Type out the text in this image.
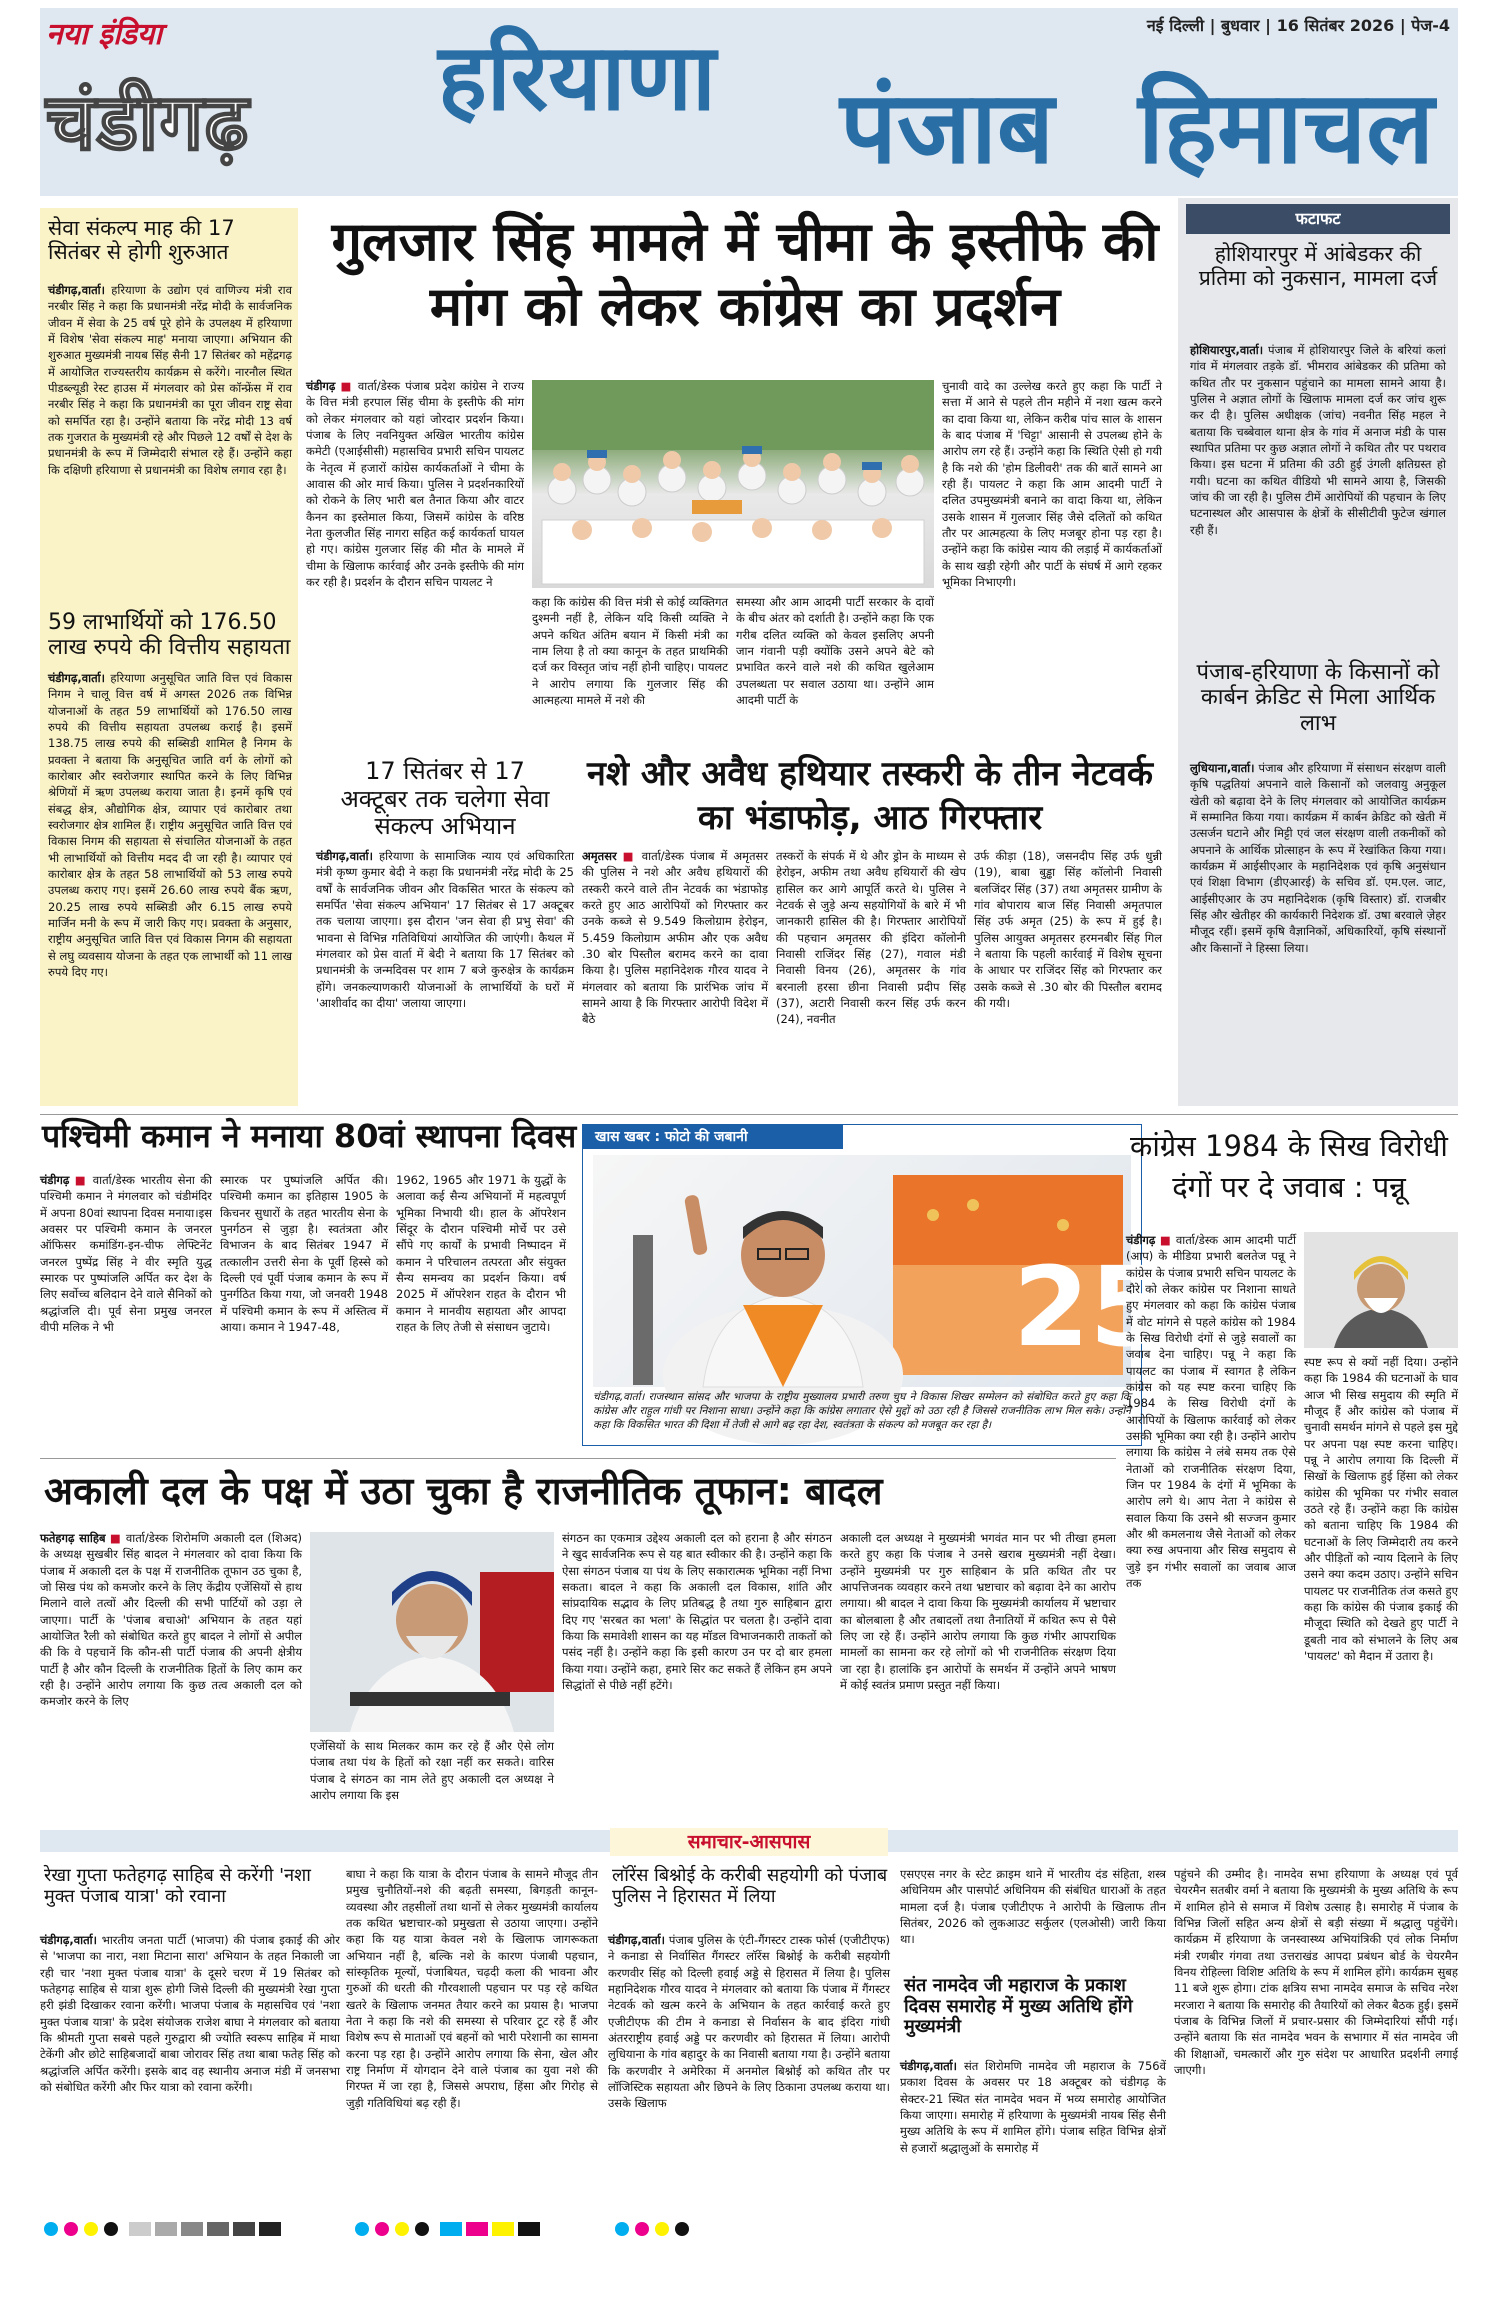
नया इंडिया
चंडीगढ़
नई दिल्ली | बुधवार | 16 सितंबर 2026 | पेज-4
हरियाणा पंजाब हिमाचल
सेवा संकल्प माह की 17 सितंबर से होगी शुरुआत
चंडीगढ़,वार्ता। हरियाणा के उद्योग एवं वाणिज्य मंत्री राव नरबीर सिंह ने कहा कि प्रधानमंत्री नरेंद्र मोदी के सार्वजनिक जीवन में सेवा के 25 वर्ष पूरे होने के उपलक्ष्य में हरियाणा में विशेष 'सेवा संकल्प माह' मनाया जाएगा। अभियान की शुरुआत मुख्यमंत्री नायब सिंह सैनी 17 सितंबर को महेंद्रगढ़ में आयोजित राज्यस्तरीय कार्यक्रम से करेंगे। नारनौल स्थित पीडब्ल्यूडी रेस्ट हाउस में मंगलवार को प्रेस कॉन्फ्रेंस में राव नरबीर सिंह ने कहा कि प्रधानमंत्री का पूरा जीवन राष्ट्र सेवा को समर्पित रहा है। उन्होंने बताया कि नरेंद्र मोदी 13 वर्ष तक गुजरात के मुख्यमंत्री रहे और पिछले 12 वर्षों से देश के प्रधानमंत्री के रूप में जिम्मेदारी संभाल रहे हैं। उन्होंने कहा कि दक्षिणी हरियाणा से प्रधानमंत्री का विशेष लगाव रहा है।
59 लाभार्थियों को 176.50 लाख रुपये की वित्तीय सहायता
चंडीगढ़,वार्ता। हरियाणा अनुसूचित जाति वित्त एवं विकास निगम ने चालू वित्त वर्ष में अगस्त 2026 तक विभिन्न योजनाओं के तहत 59 लाभार्थियों को 176.50 लाख रुपये की वित्तीय सहायता उपलब्ध कराई है। इसमें 138.75 लाख रुपये की सब्सिडी शामिल है निगम के प्रवक्ता ने बताया कि अनुसूचित जाति वर्ग के लोगों को कारोबार और स्वरोजगार स्थापित करने के लिए विभिन्न श्रेणियों में ऋण उपलब्ध कराया जाता है। इनमें कृषि एवं संबद्ध क्षेत्र, औद्योगिक क्षेत्र, व्यापार एवं कारोबार तथा स्वरोजगार क्षेत्र शामिल हैं। राष्ट्रीय अनुसूचित जाति वित्त एवं विकास निगम की सहायता से संचालित योजनाओं के तहत भी लाभार्थियों को वित्तीय मदद दी जा रही है। व्यापार एवं कारोबार क्षेत्र के तहत 58 लाभार्थियों को 53 लाख रुपये उपलब्ध कराए गए। इसमें 26.60 लाख रुपये बैंक ऋण, 20.25 लाख रुपये सब्सिडी और 6.15 लाख रुपये मार्जिन मनी के रूप में जारी किए गए। प्रवक्ता के अनुसार, राष्ट्रीय अनुसूचित जाति वित्त एवं विकास निगम की सहायता से लघु व्यवसाय योजना के तहत एक लाभार्थी को 11 लाख रुपये दिए गए।
गुलजार सिंह मामले में चीमा के इस्तीफे की मांग को लेकर कांग्रेस का प्रदर्शन
चंडीगढ़ ■ वार्ता/डेस्क पंजाब प्रदेश कांग्रेस ने राज्य के वित्त मंत्री हरपाल सिंह चीमा के इस्तीफे की मांग को लेकर मंगलवार को यहां जोरदार प्रदर्शन किया। पंजाब के लिए नवनियुक्त अखिल भारतीय कांग्रेस कमेटी (एआईसीसी) महासचिव प्रभारी सचिन पायलट के नेतृत्व में हजारों कांग्रेस कार्यकर्ताओं ने चीमा के आवास की ओर मार्च किया। पुलिस ने प्रदर्शनकारियों को रोकने के लिए भारी बल तैनात किया और वाटर कैनन का इस्तेमाल किया, जिसमें कांग्रेस के वरिष्ठ नेता कुलजीत सिंह नागरा सहित कई कार्यकर्ता घायल हो गए। कांग्रेस गुलजार सिंह की मौत के मामले में चीमा के खिलाफ कार्रवाई और उनके इस्तीफे की मांग कर रही है। प्रदर्शन के दौरान सचिन पायलट ने
कहा कि कांग्रेस की वित्त मंत्री से कोई व्यक्तिगत दुश्मनी नहीं है, लेकिन यदि किसी व्यक्ति ने अपने कथित अंतिम बयान में किसी मंत्री का नाम लिया है तो क्या कानून के तहत प्राथमिकी दर्ज कर विस्तृत जांच नहीं होनी चाहिए। पायलट ने आरोप लगाया कि गुलजार सिंह की आत्महत्या मामले में नशे की
समस्या और आम आदमी पार्टी सरकार के दावों के बीच अंतर को दर्शाती है। उन्होंने कहा कि एक गरीब दलित व्यक्ति को केवल इसलिए अपनी जान गंवानी पड़ी क्योंकि उसने अपने बेटे को प्रभावित करने वाले नशे की कथित खुलेआम उपलब्धता पर सवाल उठाया था। उन्होंने आम आदमी पार्टी के
चुनावी वादे का उल्लेख करते हुए कहा कि पार्टी ने सत्ता में आने से पहले तीन महीने में नशा खत्म करने का दावा किया था, लेकिन करीब पांच साल के शासन के बाद पंजाब में 'चिट्टा' आसानी से उपलब्ध होने के आरोप लग रहे हैं। उन्होंने कहा कि स्थिति ऐसी हो गयी है कि नशे की 'होम डिलीवरी' तक की बातें सामने आ रही हैं। पायलट ने कहा कि आम आदमी पार्टी ने दलित उपमुख्यमंत्री बनाने का वादा किया था, लेकिन उसके शासन में गुलजार सिंह जैसे दलितों को कथित तौर पर आत्महत्या के लिए मजबूर होना पड़ रहा है। उन्होंने कहा कि कांग्रेस न्याय की लड़ाई में कार्यकर्ताओं के साथ खड़ी रहेगी और पार्टी के संघर्ष में आगे रहकर भूमिका निभाएगी।
17 सितंबर से 17 अक्टूबर तक चलेगा सेवा संकल्प अभियान
चंडीगढ़,वार्ता। हरियाणा के सामाजिक न्याय एवं अधिकारिता मंत्री कृष्ण कुमार बेदी ने कहा कि प्रधानमंत्री नरेंद्र मोदी के 25 वर्षों के सार्वजनिक जीवन और विकसित भारत के संकल्प को समर्पित 'सेवा संकल्प अभियान' 17 सितंबर से 17 अक्टूबर तक चलाया जाएगा। इस दौरान 'जन सेवा ही प्रभु सेवा' की भावना से विभिन्न गतिविधियां आयोजित की जाएंगी। कैथल में मंगलवार को प्रेस वार्ता में बेदी ने बताया कि 17 सितंबर को प्रधानमंत्री के जन्मदिवस पर शाम 7 बजे कुरुक्षेत्र के कार्यक्रम होंगे। जनकल्याणकारी योजनाओं के लाभार्थियों के घरों में 'आशीर्वाद का दीया' जलाया जाएगा।
नशे और अवैध हथियार तस्करी के तीन नेटवर्क का भंडाफोड़, आठ गिरफ्तार
अमृतसर ■ वार्ता/डेस्क पंजाब में अमृतसर की पुलिस ने नशे और अवैध हथियारों की तस्करी करने वाले तीन नेटवर्क का भंडाफोड़ करते हुए आठ आरोपियों को गिरफ्तार कर उनके कब्जे से 9.549 किलोग्राम हेरोइन, 5.459 किलोग्राम अफीम और एक अवैध .30 बोर पिस्तौल बरामद करने का दावा किया है। पुलिस महानिदेशक गौरव यादव ने मंगलवार को बताया कि प्रारंभिक जांच में सामने आया है कि गिरफ्तार आरोपी विदेश में बैठे
तस्करों के संपर्क में थे और ड्रोन के माध्यम से हेरोइन, अफीम तथा अवैध हथियारों की खेप हासिल कर आगे आपूर्ति करते थे। पुलिस ने नेटवर्क से जुड़े अन्य सहयोगियों के बारे में भी जानकारी हासिल की है। गिरफ्तार आरोपियों की पहचान अमृतसर की इंदिरा कॉलोनी निवासी राजिंदर सिंह (27), गवाल मंडी निवासी विनय (26), अमृतसर के गांव बरनाली हरसा छीना निवासी प्रदीप सिंह (37), अटारी निवासी करन सिंह उर्फ करन (24), नवनीत
उर्फ कीड़ा (18), जसनदीप सिंह उर्फ धुन्नी (19), बाबा बुड्ढा सिंह कॉलोनी निवासी बलजिंदर सिंह (37) तथा अमृतसर ग्रामीण के गांव बोपाराय बाज सिंह निवासी अमृतपाल सिंह उर्फ अमृत (25) के रूप में हुई है। पुलिस आयुक्त अमृतसर हरमनबीर सिंह गिल ने बताया कि पहली कार्रवाई में विशेष सूचना के आधार पर राजिंदर सिंह को गिरफ्तार कर उसके कब्जे से .30 बोर की पिस्तौल बरामद की गयी।
फटाफट
होशियारपुर में आंबेडकर की प्रतिमा को नुकसान, मामला दर्ज
होशियारपुर,वार्ता। पंजाब में होशियारपुर जिले के बरियां कलां गांव में मंगलवार तड़के डॉ. भीमराव आंबेडकर की प्रतिमा को कथित तौर पर नुकसान पहुंचाने का मामला सामने आया है। पुलिस ने अज्ञात लोगों के खिलाफ मामला दर्ज कर जांच शुरू कर दी है। पुलिस अधीक्षक (जांच) नवनीत सिंह महल ने बताया कि चब्बेवाल थाना क्षेत्र के गांव में अनाज मंडी के पास स्थापित प्रतिमा पर कुछ अज्ञात लोगों ने कथित तौर पर पथराव किया। इस घटना में प्रतिमा की उठी हुई उंगली क्षतिग्रस्त हो गयी। घटना का कथित वीडियो भी सामने आया है, जिसकी जांच की जा रही है। पुलिस टीमें आरोपियों की पहचान के लिए घटनास्थल और आसपास के क्षेत्रों के सीसीटीवी फुटेज खंगाल रही हैं।
पंजाब-हरियाणा के किसानों को कार्बन क्रेडिट से मिला आर्थिक लाभ
लुधियाना,वार्ता। पंजाब और हरियाणा में संसाधन संरक्षण वाली कृषि पद्धतियां अपनाने वाले किसानों को जलवायु अनुकूल खेती को बढ़ावा देने के लिए मंगलवार को आयोजित कार्यक्रम में सम्मानित किया गया। कार्यक्रम में कार्बन क्रेडिट को खेती में उत्सर्जन घटाने और मिट्टी एवं जल संरक्षण वाली तकनीकों को अपनाने के आर्थिक प्रोत्साहन के रूप में रेखांकित किया गया। कार्यक्रम में आईसीएआर के महानिदेशक एवं कृषि अनुसंधान एवं शिक्षा विभाग (डीएआरई) के सचिव डॉ. एम.एल. जाट, आईसीएआर के उप महानिदेशक (कृषि विस्तार) डॉ. राजबीर सिंह और खेतीहर की कार्यकारी निदेशक डॉ. उषा बरवाले ज़ेहर मौजूद रहीं। इसमें कृषि वैज्ञानिकों, अधिकारियों, कृषि संस्थानों और किसानों ने हिस्सा लिया।
पश्चिमी कमान ने मनाया 80वां स्थापना दिवस
चंडीगढ़ ■ वार्ता/डेस्क भारतीय सेना की पश्चिमी कमान ने मंगलवार को चंडीमंदिर में अपना 80वां स्थापना दिवस मनाया।इस अवसर पर पश्चिमी कमान के जनरल ऑफिसर कमांडिंग-इन-चीफ लेफ्टिनेंट जनरल पुष्पेंद्र सिंह ने वीर स्मृति युद्ध स्मारक पर पुष्पांजलि अर्पित कर देश के लिए सर्वोच्च बलिदान देने वाले सैनिकों को श्रद्धांजलि दी। पूर्व सेना प्रमुख जनरल वीपी मलिक ने भी
स्मारक पर पुष्पांजलि अर्पित की। पश्चिमी कमान का इतिहास 1905 के किचनर सुधारों के तहत भारतीय सेना के पुनर्गठन से जुड़ा है। स्वतंत्रता और विभाजन के बाद सितंबर 1947 में तत्कालीन उत्तरी सेना के पूर्वी हिस्से को दिल्ली एवं पूर्वी पंजाब कमान के रूप में पुनर्गठित किया गया, जो जनवरी 1948 में पश्चिमी कमान के रूप में अस्तित्व में आया। कमान ने 1947-48,
1962, 1965 और 1971 के युद्धों के अलावा कई सैन्य अभियानों में महत्वपूर्ण भूमिका निभायी थी। हाल के ऑपरेशन सिंदूर के दौरान पश्चिमी मोर्चे पर उसे सौंपे गए कार्यों के प्रभावी निष्पादन में कमान ने परिचालन तत्परता और संयुक्त सैन्य समन्वय का प्रदर्शन किया। वर्ष 2025 में ऑपरेशन राहत के दौरान भी कमान ने मानवीय सहायता और आपदा राहत के लिए तेजी से संसाधन जुटाये।
खास खबर : फोटो की जबानी
25
चंडीगढ़,वार्ता। राजस्थान सांसद और भाजपा के राष्ट्रीय मुख्यालय प्रभारी तरुण चुघ ने विकास शिखर सम्मेलन को संबोधित करते हुए कहा कि कांग्रेस और राहुल गांधी पर निशाना साधा। उन्होंने कहा कि कांग्रेस लगातार ऐसे मुद्दों को उठा रही है जिससे राजनीतिक लाभ मिल सके। उन्होंने कहा कि विकसित भारत की दिशा में तेजी से आगे बढ़ रहा देश, स्वतंत्रता के संकल्प को मजबूत कर रहा है।
कांग्रेस 1984 के सिख विरोधी दंगों पर दे जवाब : पन्नू
चंडीगढ़ ■ वार्ता/डेस्क आम आदमी पार्टी (आप) के मीडिया प्रभारी बलतेज पन्नू ने कांग्रेस के पंजाब प्रभारी सचिन पायलट के दौरे को लेकर कांग्रेस पर निशाना साधते हुए मंगलवार को कहा कि कांग्रेस पंजाब में वोट मांगने से पहले कांग्रेस को 1984 के सिख विरोधी दंगों से जुड़े सवालों का जवाब देना चाहिए। पन्नू ने कहा कि पायलट का पंजाब में स्वागत है लेकिन कांग्रेस को यह स्पष्ट करना चाहिए कि 1984 के सिख विरोधी दंगों के आरोपियों के खिलाफ कार्रवाई को लेकर उसकी भूमिका क्या रही है। उन्होंने आरोप लगाया कि कांग्रेस ने लंबे समय तक ऐसे नेताओं को राजनीतिक संरक्षण दिया, जिन पर 1984 के दंगों में भूमिका के आरोप लगे थे। आप नेता ने कांग्रेस से सवाल किया कि उसने श्री सज्जन कुमार और श्री कमलनाथ जैसे नेताओं को लेकर क्या रुख अपनाया और सिख समुदाय से जुड़े इन गंभीर सवालों का जवाब आज तक
स्पष्ट रूप से क्यों नहीं दिया। उन्होंने कहा कि 1984 की घटनाओं के घाव आज भी सिख समुदाय की स्मृति में मौजूद हैं और कांग्रेस को पंजाब में चुनावी समर्थन मांगने से पहले इस मुद्दे पर अपना पक्ष स्पष्ट करना चाहिए। पन्नू ने आरोप लगाया कि दिल्ली में सिखों के खिलाफ हुई हिंसा को लेकर कांग्रेस की भूमिका पर गंभीर सवाल उठते रहे हैं। उन्होंने कहा कि कांग्रेस को बताना चाहिए कि 1984 की घटनाओं के लिए जिम्मेदारी तय करने और पीड़ितों को न्याय दिलाने के लिए उसने क्या कदम उठाए। उन्होंने सचिन पायलट पर राजनीतिक तंज कसते हुए कहा कि कांग्रेस की पंजाब इकाई की मौजूदा स्थिति को देखते हुए पार्टी ने डूबती नाव को संभालने के लिए अब 'पायलट' को मैदान में उतारा है।
अकाली दल के पक्ष में उठा चुका है राजनीतिक तूफान: बादल
फतेहगढ़ साहिब ■ वार्ता/डेस्क शिरोमणि अकाली दल (शिअद) के अध्यक्ष सुखबीर सिंह बादल ने मंगलवार को दावा किया कि पंजाब में अकाली दल के पक्ष में राजनीतिक तूफान उठ चुका है, जो सिख पंथ को कमजोर करने के लिए केंद्रीय एजेंसियों से हाथ मिलाने वाले तत्वों और दिल्ली की सभी पार्टियों को उड़ा ले जाएगा। पार्टी के 'पंजाब बचाओ' अभियान के तहत यहां आयोजित रैली को संबोधित करते हुए बादल ने लोगों से अपील की कि वे पहचानें कि कौन-सी पार्टी पंजाब की अपनी क्षेत्रीय पार्टी है और कौन दिल्ली के राजनीतिक हितों के लिए काम कर रही है। उन्होंने आरोप लगाया कि कुछ तत्व अकाली दल को कमजोर करने के लिए
एजेंसियों के साथ मिलकर काम कर रहे हैं और ऐसे लोग पंजाब तथा पंथ के हितों को रक्षा नहीं कर सकते। वारिस पंजाब दे संगठन का नाम लेते हुए अकाली दल अध्यक्ष ने आरोप लगाया कि इस
संगठन का एकमात्र उद्देश्य अकाली दल को हराना है और संगठन ने खुद सार्वजनिक रूप से यह बात स्वीकार की है। उन्होंने कहा कि ऐसा संगठन पंजाब या पंथ के लिए सकारात्मक भूमिका नहीं निभा सकता। बादल ने कहा कि अकाली दल विकास, शांति और सांप्रदायिक सद्भाव के लिए प्रतिबद्ध है तथा गुरु साहिबान द्वारा दिए गए 'सरबत का भला' के सिद्धांत पर चलता है। उन्होंने दावा किया कि समावेशी शासन का यह मॉडल विभाजनकारी ताकतों को पसंद नहीं है। उन्होंने कहा कि इसी कारण उन पर दो बार हमला किया गया। उन्होंने कहा, हमारे सिर कट सकते हैं लेकिन हम अपने सिद्धांतों से पीछे नहीं हटेंगे।
अकाली दल अध्यक्ष ने मुख्यमंत्री भगवंत मान पर भी तीखा हमला करते हुए कहा कि पंजाब ने उनसे खराब मुख्यमंत्री नहीं देखा। उन्होंने मुख्यमंत्री पर गुरु साहिबान के प्रति कथित तौर पर आपत्तिजनक व्यवहार करने तथा भ्रष्टाचार को बढ़ावा देने का आरोप लगाया। श्री बादल ने दावा किया कि मुख्यमंत्री कार्यालय में भ्रष्टाचार का बोलबाला है और तबादलों तथा तैनातियों में कथित रूप से पैसे लिए जा रहे हैं। उन्होंने आरोप लगाया कि कुछ गंभीर आपराधिक मामलों का सामना कर रहे लोगों को भी राजनीतिक संरक्षण दिया जा रहा है। हालांकि इन आरोपों के समर्थन में उन्होंने अपने भाषण में कोई स्वतंत्र प्रमाण प्रस्तुत नहीं किया।
समाचार-आसपास
रेखा गुप्ता फतेहगढ़ साहिब से करेंगी 'नशा मुक्त पंजाब यात्रा' को रवाना
चंडीगढ़,वार्ता। भारतीय जनता पार्टी (भाजपा) की पंजाब इकाई की ओर से 'भाजपा का नारा, नशा मिटाना सारा' अभियान के तहत निकाली जा रही चार 'नशा मुक्त पंजाब यात्रा' के दूसरे चरण में 19 सितंबर को फतेहगढ़ साहिब से यात्रा शुरू होगी जिसे दिल्ली की मुख्यमंत्री रेखा गुप्ता हरी झंडी दिखाकर रवाना करेंगी। भाजपा पंजाब के महासचिव एवं 'नशा मुक्त पंजाब यात्रा' के प्रदेश संयोजक राजेश बाघा ने मंगलवार को बताया कि श्रीमती गुप्ता सबसे पहले गुरुद्वारा श्री ज्योति स्वरूप साहिब में माथा टेकेंगी और छोटे साहिबजादों बाबा जोरावर सिंह तथा बाबा फतेह सिंह को श्रद्धांजलि अर्पित करेंगी। इसके बाद वह स्थानीय अनाज मंडी में जनसभा को संबोधित करेंगी और फिर यात्रा को रवाना करेंगी।
बाघा ने कहा कि यात्रा के दौरान पंजाब के सामने मौजूद तीन प्रमुख चुनौतियों-नशे की बढ़ती समस्या, बिगड़ती कानून-व्यवस्था और तहसीलों तथा थानों से लेकर मुख्यमंत्री कार्यालय तक कथित भ्रष्टाचार-को प्रमुखता से उठाया जाएगा। उन्होंने कहा कि यह यात्रा केवल नशे के खिलाफ जागरूकता अभियान नहीं है, बल्कि नशे के कारण पंजाबी पहचान, सांस्कृतिक मूल्यों, पंजाबियत, चढ़दी कला की भावना और गुरुओं की धरती की गौरवशाली पहचान पर पड़ रहे कथित खतरे के खिलाफ जनमत तैयार करने का प्रयास है। भाजपा नेता ने कहा कि नशे की समस्या से परिवार टूट रहे हैं और विशेष रूप से माताओं एवं बहनों को भारी परेशानी का सामना करना पड़ रहा है। उन्होंने आरोप लगाया कि सेना, खेल और राष्ट्र निर्माण में योगदान देने वाले पंजाब का युवा नशे की गिरफ्त में जा रहा है, जिससे अपराध, हिंसा और गिरोह से जुड़ी गतिविधियां बढ़ रही हैं।
लॉरेंस बिश्नोई के करीबी सहयोगी को पंजाब पुलिस ने हिरासत में लिया
चंडीगढ़,वार्ता। पंजाब पुलिस के एंटी-गैंगस्टर टास्क फोर्स (एजीटीएफ) ने कनाडा से निर्वासित गैंगस्टर लॉरेंस बिश्नोई के करीबी सहयोगी करणवीर सिंह को दिल्ली हवाई अड्डे से हिरासत में लिया है। पुलिस महानिदेशक गौरव यादव ने मंगलवार को बताया कि पंजाब में गैंगस्टर नेटवर्क को खत्म करने के अभियान के तहत कार्रवाई करते हुए एजीटीएफ की टीम ने कनाडा से निर्वासन के बाद इंदिरा गांधी अंतरराष्ट्रीय हवाई अड्डे पर करणवीर को हिरासत में लिया। आरोपी लुधियाना के गांव बहादुर के का निवासी बताया गया है। उन्होंने बताया कि करणवीर ने अमेरिका में अनमोल बिश्नोई को कथित तौर पर लॉजिस्टिक सहायता और छिपने के लिए ठिकाना उपलब्ध कराया था। उसके खिलाफ
एसएएस नगर के स्टेट क्राइम थाने में भारतीय दंड संहिता, शस्त्र अधिनियम और पासपोर्ट अधिनियम की संबंधित धाराओं के तहत मामला दर्ज है। पंजाब एजीटीएफ ने आरोपी के खिलाफ तीन सितंबर, 2026 को लुकआउट सर्कुलर (एलओसी) जारी किया था।
संत नामदेव जी महाराज के प्रकाश दिवस समारोह में मुख्य अतिथि होंगे मुख्यमंत्री
चंडीगढ़,वार्ता। संत शिरोमणि नामदेव जी महाराज के 756वें प्रकाश दिवस के अवसर पर 18 अक्टूबर को चंडीगढ़ के सेक्टर-21 स्थित संत नामदेव भवन में भव्य समारोह आयोजित किया जाएगा। समारोह में हरियाणा के मुख्यमंत्री नायब सिंह सैनी मुख्य अतिथि के रूप में शामिल होंगे। पंजाब सहित विभिन्न क्षेत्रों से हजारों श्रद्धालुओं के समारोह में
पहुंचने की उम्मीद है। नामदेव सभा हरियाणा के अध्यक्ष एवं पूर्व चेयरमैन सतबीर वर्मा ने बताया कि मुख्यमंत्री के मुख्य अतिथि के रूप में शामिल होने से समाज में विशेष उत्साह है। समारोह में पंजाब के विभिन्न जिलों सहित अन्य क्षेत्रों से बड़ी संख्या में श्रद्धालु पहुंचेंगे। कार्यक्रम में हरियाणा के जनस्वास्थ्य अभियांत्रिकी एवं लोक निर्माण मंत्री रणबीर गंगवा तथा उत्तराखंड आपदा प्रबंधन बोर्ड के चेयरमैन विनय रोहिल्ला विशिष्ट अतिथि के रूप में शामिल होंगे। कार्यक्रम सुबह 11 बजे शुरू होगा। टांक क्षत्रिय सभा नामदेव समाज के सचिव नरेश मरजारा ने बताया कि समारोह की तैयारियों को लेकर बैठक हुई। इसमें पंजाब के विभिन्न जिलों में प्रचार-प्रसार की जिम्मेदारियां सौंपी गई। उन्होंने बताया कि संत नामदेव भवन के सभागार में संत नामदेव जी की शिक्षाओं, चमत्कारों और गुरु संदेश पर आधारित प्रदर्शनी लगाई जाएगी।
